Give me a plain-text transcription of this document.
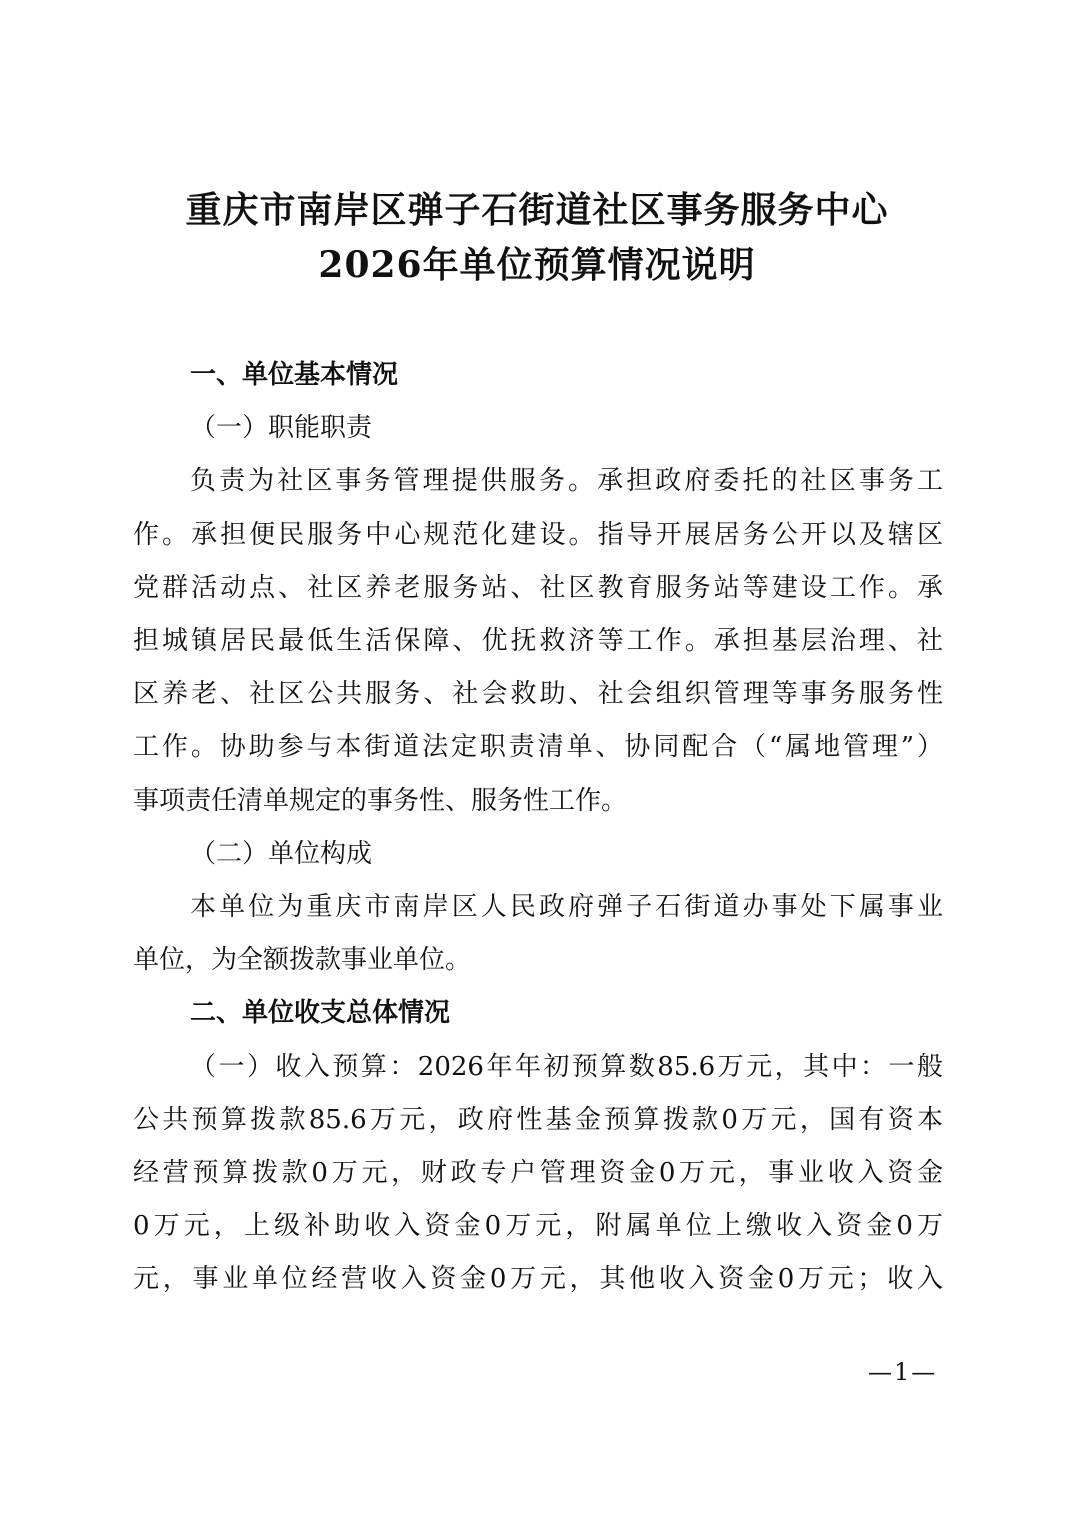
重庆市南岸区弹子石街道社区事务服务中心
2026年单位预算情况说明
一、单位基本情况
（一）职能职责
负责为社区事务管理提供服务。承担政府委托的社区事务工
作。承担便民服务中心规范化建设。指导开展居务公开以及辖区
党群活动点、社区养老服务站、社区教育服务站等建设工作。承
担城镇居民最低生活保障、优抚救济等工作。承担基层治理、社
区养老、社区公共服务、社会救助、社会组织管理等事务服务性
工作。协助参与本街道法定职责清单、协同配合（“属地管理”）
事项责任清单规定的事务性、服务性工作。
（二）单位构成
本单位为重庆市南岸区人民政府弹子石街道办事处下属事业
单位，为全额拨款事业单位。
二、单位收支总体情况
（一）收入预算：2026年年初预算数85.6万元，其中：一般
公共预算拨款85.6万元，政府性基金预算拨款0万元，国有资本
经营预算拨款0万元，财政专户管理资金0万元，事业收入资金
0万元，上级补助收入资金0万元，附属单位上缴收入资金0万
元，事业单位经营收入资金0万元，其他收入资金0万元；收入
—1—
